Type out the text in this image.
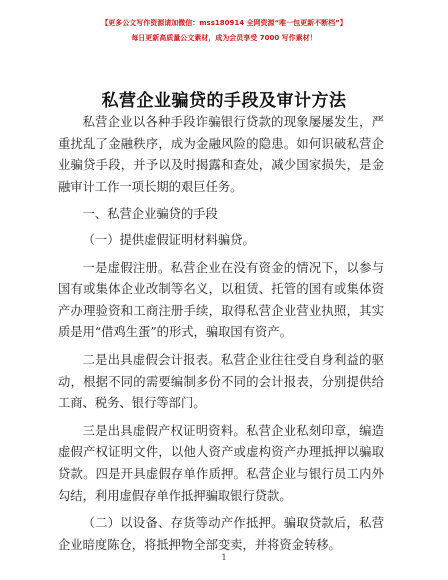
【更多公文写作资源请加微信：mss180914 全网资源“唯一包更新不断档”】
每日更新高质量公文素材，成为会员享受 7000 写作素材！
私营企业骗贷的手段及审计方法

私营企业以各种手段诈骗银行贷款的现象屡屡发生，严重扰乱了金融秩序，成为金融风险的隐患。如何识破私营企业骗贷手段，并予以及时揭露和查处，减少国家损失，是金融审计工作一项长期的艰巨任务。

一、私营企业骗贷的手段

（一）提供虚假证明材料骗贷。

一是虚假注册。私营企业在没有资金的情况下，以参与国有或集体企业改制等名义，以租赁、托管的国有或集体资产办理验资和工商注册手续，取得私营企业营业执照，其实质是用“借鸡生蛋”的形式，骗取国有资产。

二是出具虚假会计报表。私营企业往往受自身利益的驱动，根据不同的需要编制多份不同的会计报表，分别提供给工商、税务、银行等部门。

三是出具虚假产权证明资料。私营企业私刻印章，编造虚假产权证明文件，以他人资产或虚构资产办理抵押以骗取贷款。四是开具虚假存单作质押。私营企业与银行员工内外勾结，利用虚假存单作抵押骗取银行贷款。

（二）以设备、存货等动产作抵押。骗取贷款后，私营企业暗度陈仓，将抵押物全部变卖，并将资金转移。

1
